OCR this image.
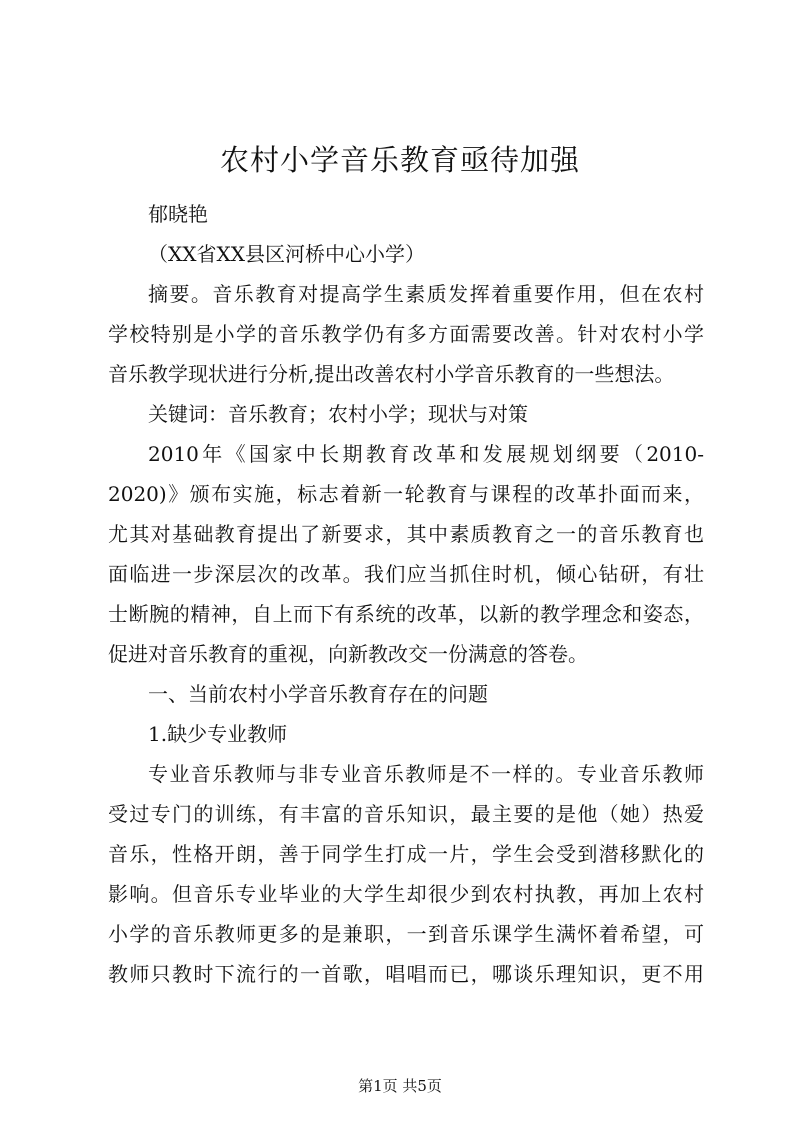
农村小学音乐教育亟待加强
郁晓艳
（XX省XX县区河桥中心小学）
摘要。音乐教育对提高学生素质发挥着重要作用，但在农村
学校特别是小学的音乐教学仍有多方面需要改善。针对农村小学
音乐教学现状进行分析,提出改善农村小学音乐教育的一些想法。
关键词：音乐教育；农村小学；现状与对策
2010年《国家中长期教育改革和发展规划纲要（2010-
2020)》颁布实施，标志着新一轮教育与课程的改革扑面而来，
尤其对基础教育提出了新要求，其中素质教育之一的音乐教育也
面临进一步深层次的改革。我们应当抓住时机，倾心钻研，有壮
士断腕的精神，自上而下有系统的改革，以新的教学理念和姿态，
促进对音乐教育的重视，向新教改交一份满意的答卷。
一、当前农村小学音乐教育存在的问题
1.缺少专业教师
专业音乐教师与非专业音乐教师是不一样的。专业音乐教师
受过专门的训练，有丰富的音乐知识，最主要的是他（她）热爱
音乐，性格开朗，善于同学生打成一片，学生会受到潜移默化的
影响。但音乐专业毕业的大学生却很少到农村执教，再加上农村
小学的音乐教师更多的是兼职，一到音乐课学生满怀着希望，可
教师只教时下流行的一首歌，唱唱而已，哪谈乐理知识，更不用
第1页 共5页
